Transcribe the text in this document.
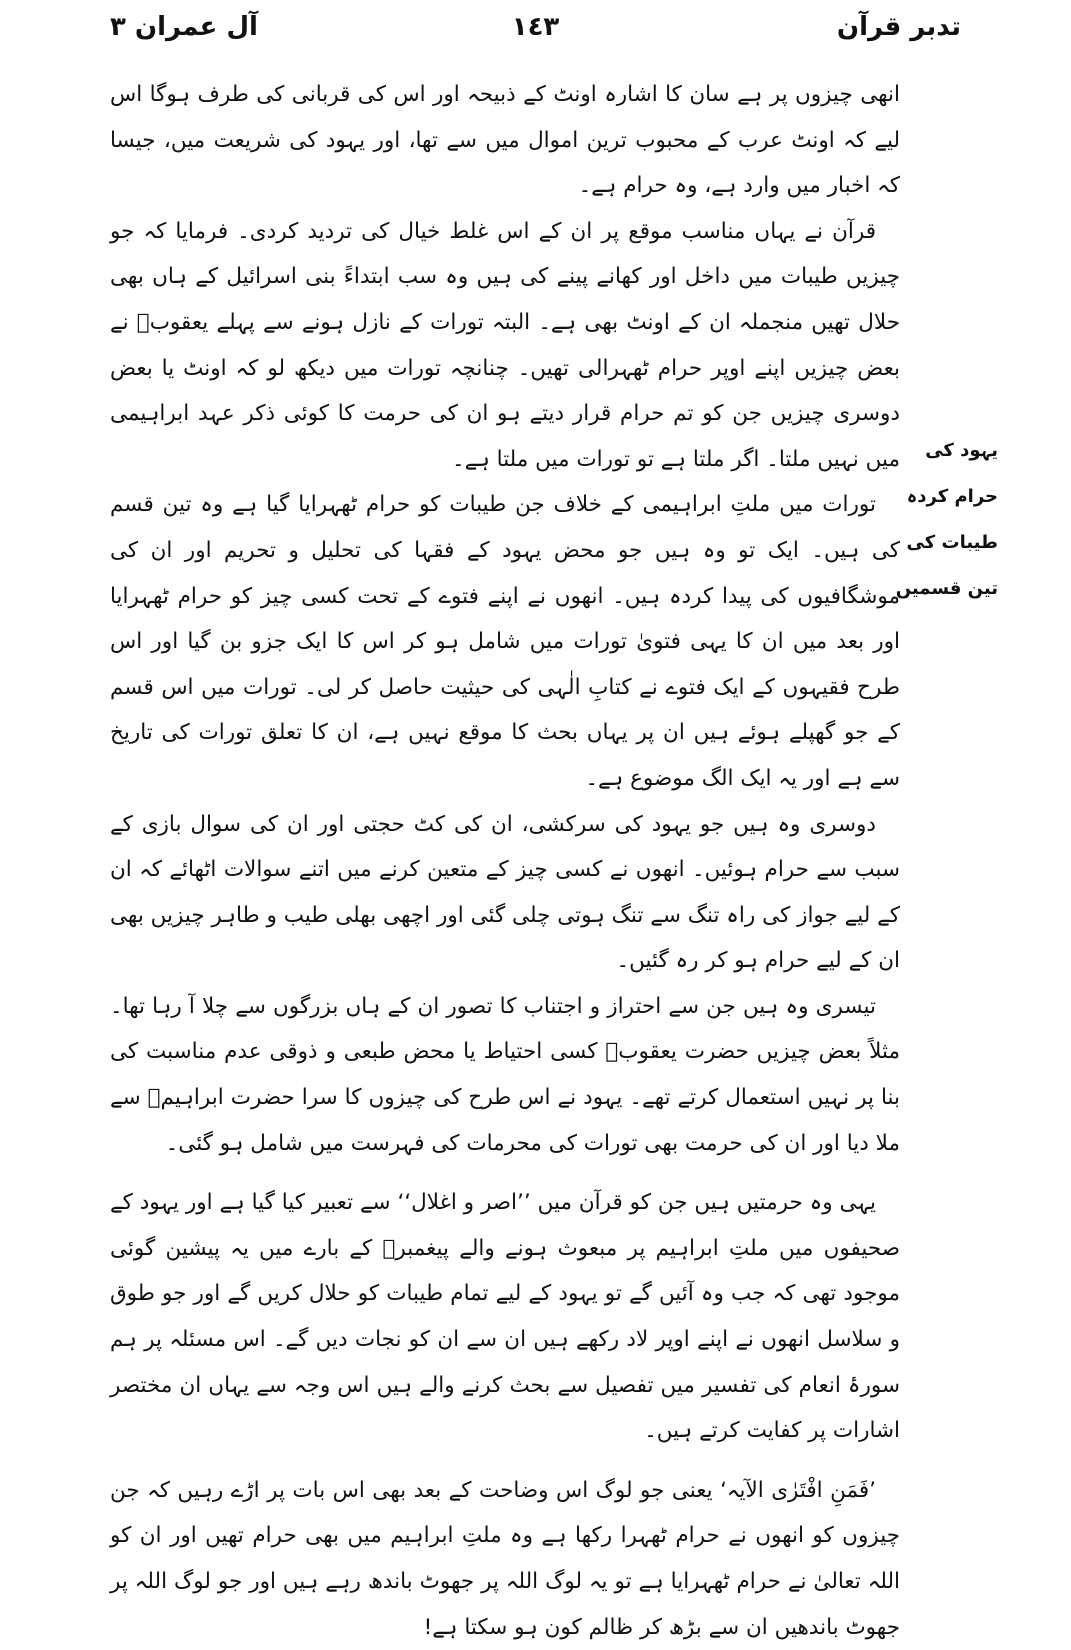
تدبر قرآن
١٤٣
آل عمران ٣
یہود کی
حرام کردہ
طیبات کی
تین قسمیں

انھی چیزوں پر ہے سان کا اشارہ اونٹ کے ذبیحہ اور اس کی قربانی کی طرف ہوگا اس لیے کہ اونٹ عرب کے محبوب ترین اموال میں سے تھا، اور یہود کی شریعت میں، جیسا کہ اخبار میں وارد ہے، وہ حرام ہے۔

قرآن نے یہاں مناسب موقع پر ان کے اس غلط خیال کی تردید کردی۔ فرمایا کہ جو چیزیں طیبات میں داخل اور کھانے پینے کی ہیں وہ سب ابتداءً بنی اسرائیل کے ہاں بھی حلال تھیں منجملہ ان کے اونٹ بھی ہے۔ البتہ تورات کے نازل ہونے سے پہلے یعقوبؑ نے بعض چیزیں اپنے اوپر حرام ٹھہرالی تھیں۔ چنانچہ تورات میں دیکھ لو کہ اونٹ یا بعض دوسری چیزیں جن کو تم حرام قرار دیتے ہو ان کی حرمت کا کوئی ذکر عہد ابراہیمی میں نہیں ملتا۔ اگر ملتا ہے تو تورات میں ملتا ہے۔

تورات میں ملتِ ابراہیمی کے خلاف جن طیبات کو حرام ٹھہرایا گیا ہے وہ تین قسم کی ہیں۔ ایک تو وہ ہیں جو محض یہود کے فقہا کی تحلیل و تحریم اور ان کی موشگافیوں کی پیدا کردہ ہیں۔ انھوں نے اپنے فتوے کے تحت کسی چیز کو حرام ٹھہرایا اور بعد میں ان کا یہی فتویٰ تورات میں شامل ہو کر اس کا ایک جزو بن گیا اور اس طرح فقیہوں کے ایک فتوے نے کتابِ الٰہی کی حیثیت حاصل کر لی۔ تورات میں اس قسم کے جو گھپلے ہوئے ہیں ان پر یہاں بحث کا موقع نہیں ہے، ان کا تعلق تورات کی تاریخ سے ہے اور یہ ایک الگ موضوع ہے۔

دوسری وہ ہیں جو یہود کی سرکشی، ان کی کٹ حجتی اور ان کی سوال بازی کے سبب سے حرام ہوئیں۔ انھوں نے کسی چیز کے متعین کرنے میں اتنے سوالات اٹھائے کہ ان کے لیے جواز کی راہ تنگ سے تنگ ہوتی چلی گئی اور اچھی بھلی طیب و طاہر چیزیں بھی ان کے لیے حرام ہو کر رہ گئیں۔

تیسری وہ ہیں جن سے احتراز و اجتناب کا تصور ان کے ہاں بزرگوں سے چلا آ رہا تھا۔ مثلاً بعض چیزیں حضرت یعقوبؑ کسی احتیاط یا محض طبعی و ذوقی عدم مناسبت کی بنا پر نہیں استعمال کرتے تھے۔ یہود نے اس طرح کی چیزوں کا سرا حضرت ابراہیمؑ سے ملا دیا اور ان کی حرمت بھی تورات کی محرمات کی فہرست میں شامل ہو گئی۔

یہی وہ حرمتیں ہیں جن کو قرآن میں ’’اصر و اغلال‘‘ سے تعبیر کیا گیا ہے اور یہود کے صحیفوں میں ملتِ ابراہیم پر مبعوث ہونے والے پیغمبرؐ کے بارے میں یہ پیشین گوئی موجود تھی کہ جب وہ آئیں گے تو یہود کے لیے تمام طیبات کو حلال کریں گے اور جو طوق و سلاسل انھوں نے اپنے اوپر لاد رکھے ہیں ان سے ان کو نجات دیں گے۔ اس مسئلہ پر ہم سورۂ انعام کی تفسیر میں تفصیل سے بحث کرنے والے ہیں اس وجہ سے یہاں ان مختصر اشارات پر کفایت کرتے ہیں۔

’فَمَنِ افْتَرٰی الآیہ‘ یعنی جو لوگ اس وضاحت کے بعد بھی اس بات پر اڑے رہیں کہ جن چیزوں کو انھوں نے حرام ٹھہرا رکھا ہے وہ ملتِ ابراہیم میں بھی حرام تھیں اور ان کو اللہ تعالیٰ نے حرام ٹھہرایا ہے تو یہ لوگ اللہ پر جھوٹ باندھ رہے ہیں اور جو لوگ اللہ پر جھوٹ باندھیں ان سے بڑھ کر ظالم کون ہو سکتا ہے!
